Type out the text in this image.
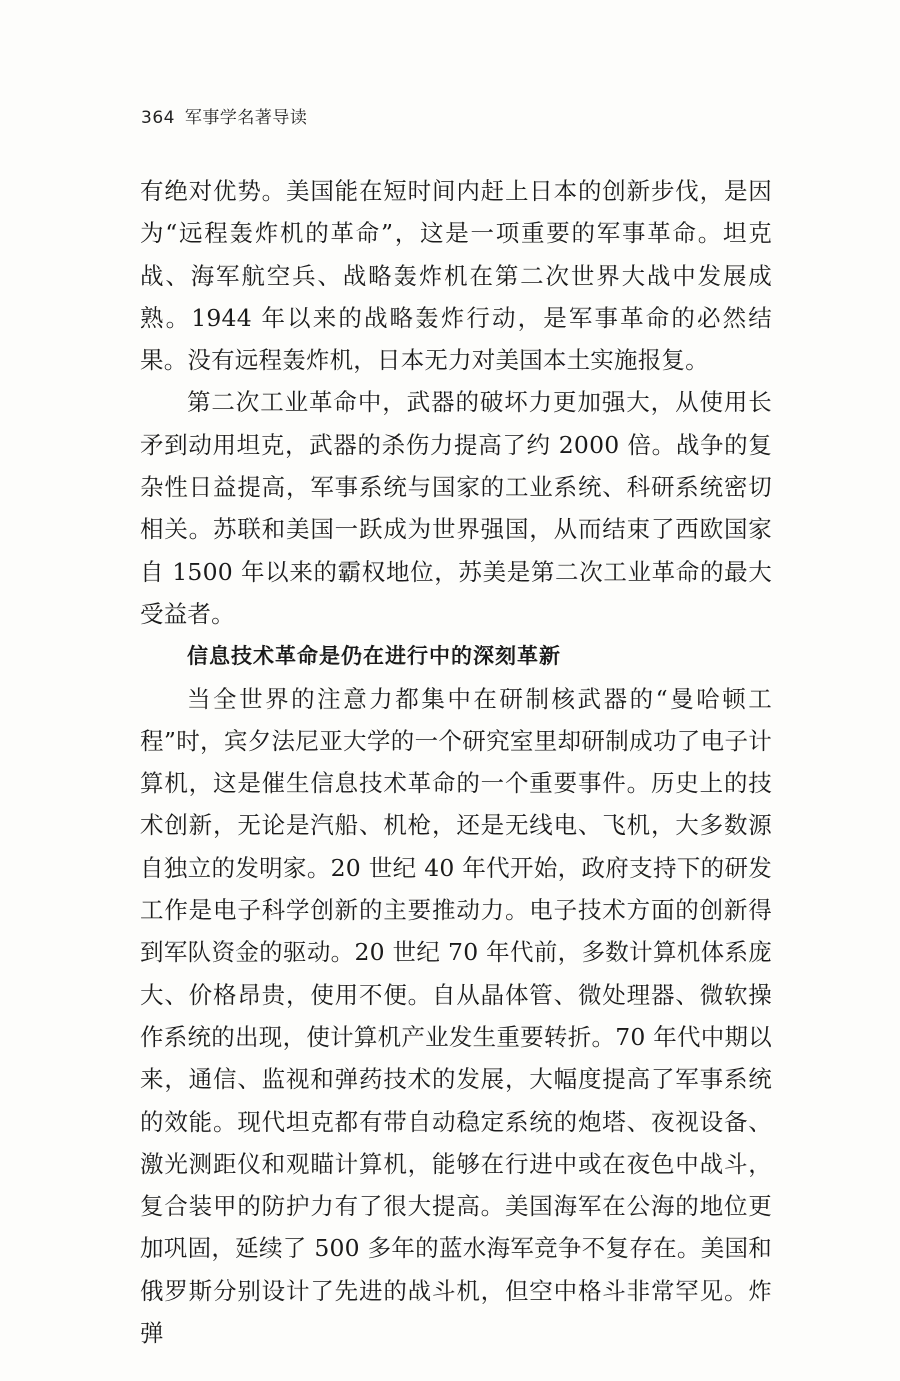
364 军事学名著导读

有绝对优势。美国能在短时间内赶上日本的创新步伐，是因为“远程轰炸机的革命”，这是一项重要的军事革命。坦克战、海军航空兵、战略轰炸机在第二次世界大战中发展成熟。1944 年以来的战略轰炸行动，是军事革命的必然结果。没有远程轰炸机，日本无力对美国本土实施报复。

第二次工业革命中，武器的破坏力更加强大，从使用长矛到动用坦克，武器的杀伤力提高了约 2000 倍。战争的复杂性日益提高，军事系统与国家的工业系统、科研系统密切相关。苏联和美国一跃成为世界强国，从而结束了西欧国家自 1500 年以来的霸权地位，苏美是第二次工业革命的最大受益者。

信息技术革命是仍在进行中的深刻革新

当全世界的注意力都集中在研制核武器的“曼哈顿工程”时，宾夕法尼亚大学的一个研究室里却研制成功了电子计算机，这是催生信息技术革命的一个重要事件。历史上的技术创新，无论是汽船、机枪，还是无线电、飞机，大多数源自独立的发明家。20 世纪 40 年代开始，政府支持下的研发工作是电子科学创新的主要推动力。电子技术方面的创新得到军队资金的驱动。20 世纪 70 年代前，多数计算机体系庞大、价格昂贵，使用不便。自从晶体管、微处理器、微软操作系统的出现，使计算机产业发生重要转折。70 年代中期以来，通信、监视和弹药技术的发展，大幅度提高了军事系统的效能。现代坦克都有带自动稳定系统的炮塔、夜视设备、激光测距仪和观瞄计算机，能够在行进中或在夜色中战斗，复合装甲的防护力有了很大提高。美国海军在公海的地位更加巩固，延续了 500 多年的蓝水海军竞争不复存在。美国和俄罗斯分别设计了先进的战斗机，但空中格斗非常罕见。炸弹
